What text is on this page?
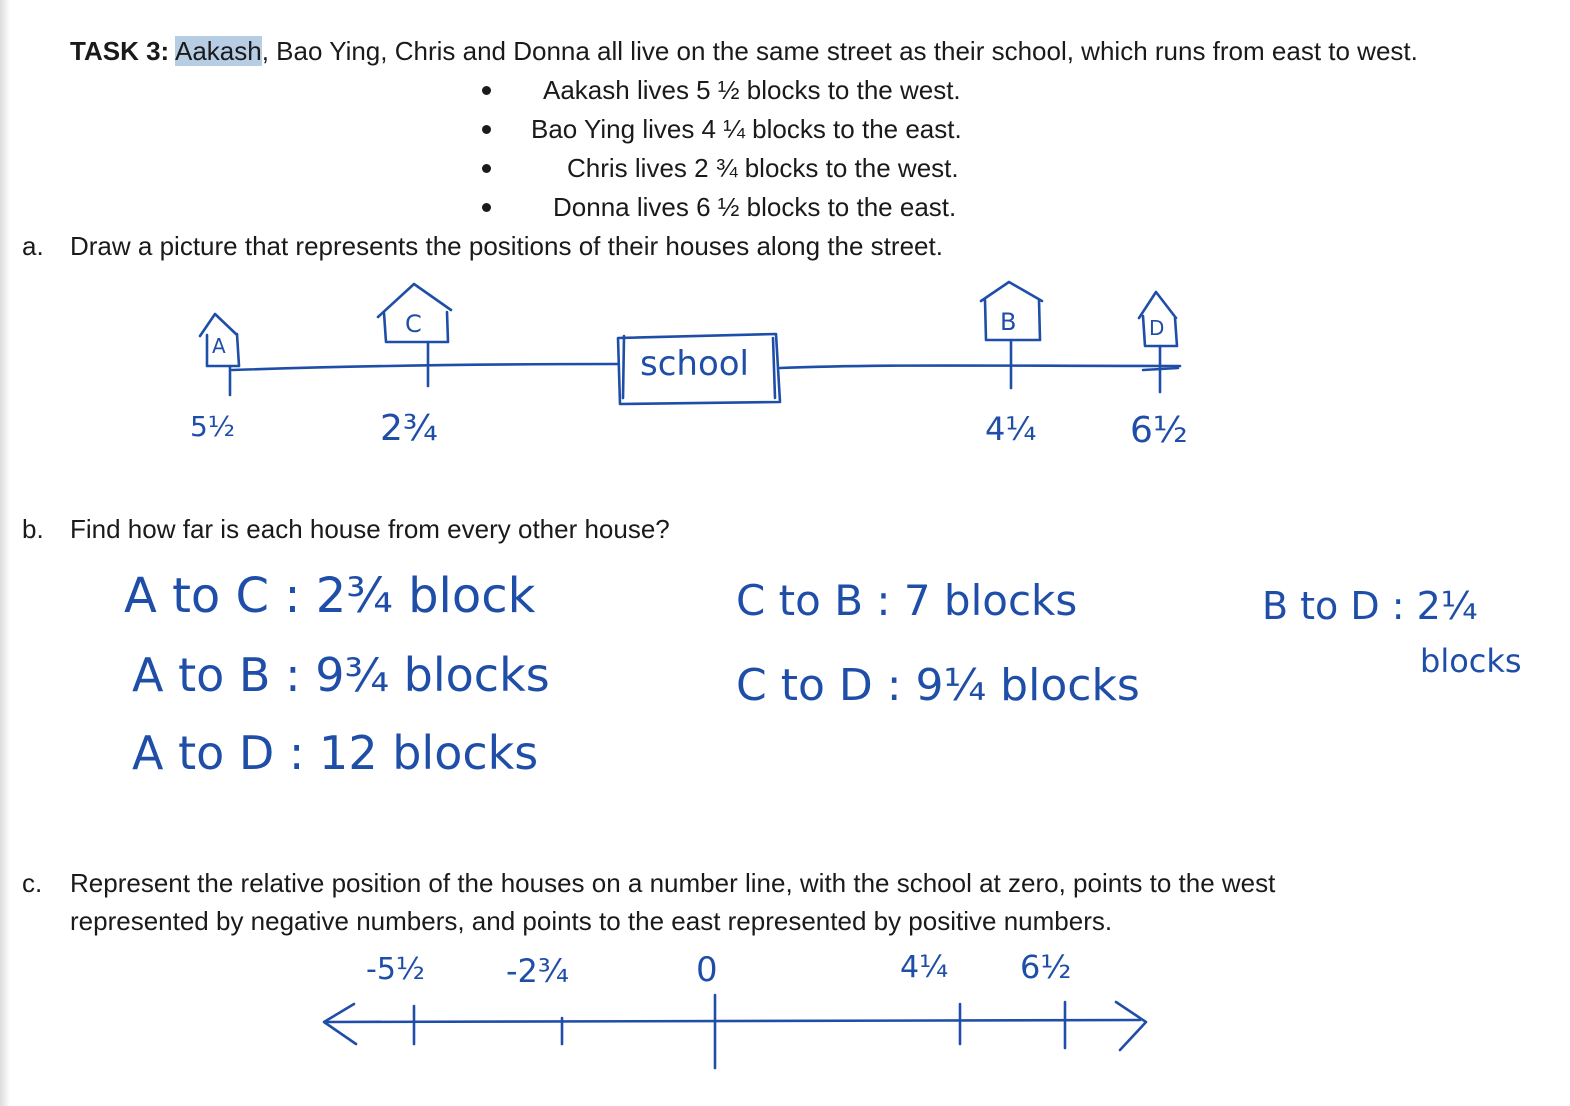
TASK 3: Aakash, Bao Ying, Chris and Donna all live on the same street as their school, which runs from east to west.
Aakash lives 5 ½ blocks to the west.
Bao Ying lives 4 ¼ blocks to the east.
Chris lives 2 ¾ blocks to the west.
Donna lives 6 ½ blocks to the east.
a. Draw a picture that represents the positions of their houses along the street.
A
C	B	D
school
5½	2¾	4¼	6½
b. Find how far is each house from every other house?
A to C : 2¾ block
A to B : 9¾ blocks
A to D : 12 blocks
C to B : 7 blocks
C to D : 9¼ blocks
B to D : 2¼
blocks
c. Represent the relative position of the houses on a number line, with the school at zero, points to the west
represented by negative numbers, and points to the east represented by positive numbers.
-5½	-2¾	0	4¼ 6½
